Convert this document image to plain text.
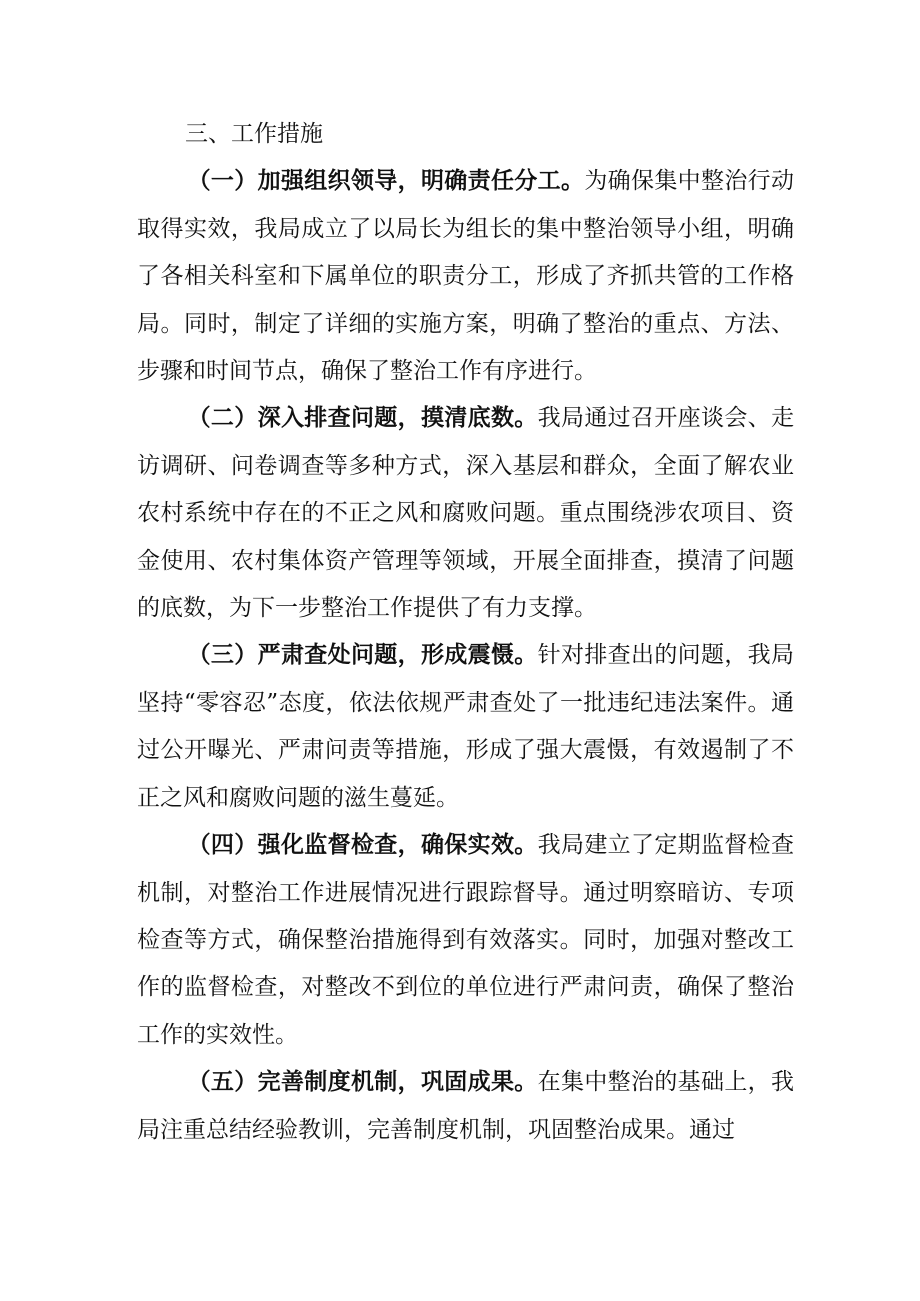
三、工作措施

（一）加强组织领导，明确责任分工。为确保集中整治行动取得实效，我局成立了以局长为组长的集中整治领导小组，明确了各相关科室和下属单位的职责分工，形成了齐抓共管的工作格局。同时，制定了详细的实施方案，明确了整治的重点、方法、步骤和时间节点，确保了整治工作有序进行。

（二）深入排查问题，摸清底数。我局通过召开座谈会、走访调研、问卷调查等多种方式，深入基层和群众，全面了解农业农村系统中存在的不正之风和腐败问题。重点围绕涉农项目、资金使用、农村集体资产管理等领域，开展全面排查，摸清了问题的底数，为下一步整治工作提供了有力支撑。

（三）严肃查处问题，形成震慑。针对排查出的问题，我局坚持“零容忍”态度，依法依规严肃查处了一批违纪违法案件。通过公开曝光、严肃问责等措施，形成了强大震慑，有效遏制了不正之风和腐败问题的滋生蔓延。

（四）强化监督检查，确保实效。我局建立了定期监督检查机制，对整治工作进展情况进行跟踪督导。通过明察暗访、专项检查等方式，确保整治措施得到有效落实。同时，加强对整改工作的监督检查，对整改不到位的单位进行严肃问责，确保了整治工作的实效性。

（五）完善制度机制，巩固成果。在集中整治的基础上，我局注重总结经验教训，完善制度机制，巩固整治成果。通过
